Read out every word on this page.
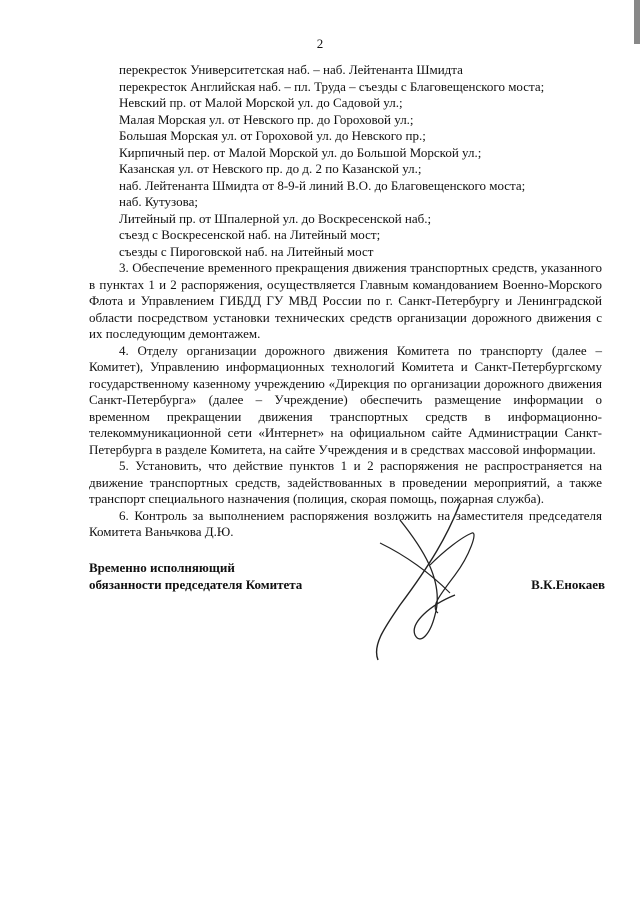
2
перекресток Университетская наб. – наб. Лейтенанта Шмидта
перекресток Английская наб. – пл. Труда – съезды с Благовещенского моста;
Невский пр. от Малой Морской ул. до Садовой ул.;
Малая Морская ул. от Невского пр. до Гороховой ул.;
Большая Морская ул. от Гороховой ул. до Невского пр.;
Кирпичный пер. от Малой Морской ул. до Большой Морской ул.;
Казанская ул. от Невского пр. до д. 2 по Казанской ул.;
наб. Лейтенанта Шмидта от 8-9-й линий В.О. до Благовещенского моста;
наб. Кутузова;
Литейный пр. от Шпалерной ул. до Воскресенской наб.;
съезд с Воскресенской наб. на Литейный мост;
съезды с Пироговской наб. на Литейный мост

3. Обеспечение временного прекращения движения транспортных средств, указанного в пунктах 1 и 2 распоряжения, осуществляется Главным командованием Военно-Морского Флота и Управлением ГИБДД ГУ МВД России по г. Санкт-Петербургу и Ленинградской области посредством установки технических средств организации дорожного движения с их последующим демонтажем.

4. Отделу организации дорожного движения Комитета по транспорту (далее – Комитет), Управлению информационных технологий Комитета и Санкт-Петербургскому государственному казенному учреждению «Дирекция по организации дорожного движения Санкт-Петербурга» (далее – Учреждение) обеспечить размещение информации о временном прекращении движения транспортных средств в информационно-телекоммуникационной сети «Интернет» на официальном сайте Администрации Санкт-Петербурга в разделе Комитета, на сайте Учреждения и в средствах массовой информации.

5. Установить, что действие пунктов 1 и 2 распоряжения не распространяется на движение транспортных средств, задействованных в проведении мероприятий, а также транспорт специального назначения (полиция, скорая помощь, пожарная служба).

6. Контроль за выполнением распоряжения возложить на заместителя председателя Комитета Ваньчкова Д.Ю.

Временно исполняющий
обязанности председателя Комитета	В.К.Енокаев
